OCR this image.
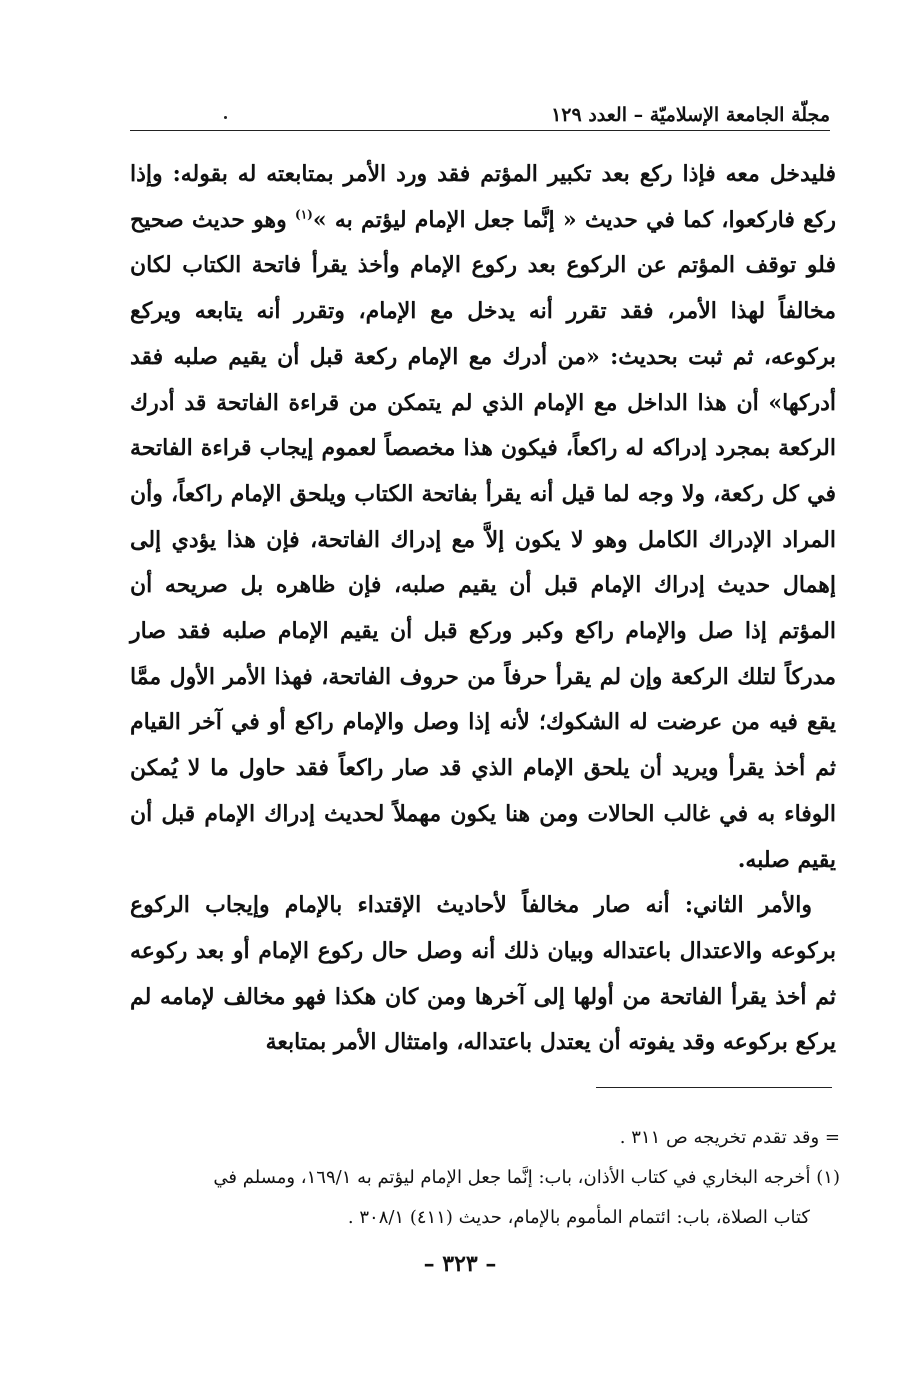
مجلّة الجامعة الإسلاميّة – العدد ١٢٩

فليدخل معه فإذا ركع بعد تكبير المؤتم فقد ورد الأمر بمتابعته له بقوله: وإذا ركع فاركعوا، كما في حديث « إنَّما جعل الإمام ليؤتم به »$^{(١)}$ وهو حديث صحيح فلو توقف المؤتم عن الركوع بعد ركوع الإمام وأخذ يقرأ فاتحة الكتاب لكان مخالفاً لهذا الأمر، فقد تقرر أنه يدخل مع الإمام، وتقرر أنه يتابعه ويركع بركوعه، ثم ثبت بحديث: «من أدرك مع الإمام ركعة قبل أن يقيم صلبه فقد أدركها» أن هذا الداخل مع الإمام الذي لم يتمكن من قراءة الفاتحة قد أدرك الركعة بمجرد إدراكه له راكعاً، فيكون هذا مخصصاً لعموم إيجاب قراءة الفاتحة في كل ركعة، ولا وجه لما قيل أنه يقرأ بفاتحة الكتاب ويلحق الإمام راكعاً، وأن المراد الإدراك الكامل وهو لا يكون إلاَّ مع إدراك الفاتحة، فإن هذا يؤدي إلى إهمال حديث إدراك الإمام قبل أن يقيم صلبه، فإن ظاهره بل صريحه أن المؤتم إذا صل والإمام راكع وكبر وركع قبل أن يقيم الإمام صلبه فقد صار مدركاً لتلك الركعة وإن لم يقرأ حرفاً من حروف الفاتحة، فهذا الأمر الأول ممَّا يقع فيه من عرضت له الشكوك؛ لأنه إذا وصل والإمام راكع أو في آخر القيام ثم أخذ يقرأ ويريد أن يلحق الإمام الذي قد صار راكعاً فقد حاول ما لا يُمكن الوفاء به في غالب الحالات ومن هنا يكون مهملاً لحديث إدراك الإمام قبل أن يقيم صلبه.

والأمر الثاني: أنه صار مخالفاً لأحاديث الإقتداء بالإمام وإيجاب الركوع بركوعه والاعتدال باعتداله وبيان ذلك أنه وصل حال ركوع الإمام أو بعد ركوعه ثم أخذ يقرأ الفاتحة من أولها إلى آخرها ومن كان هكذا فهو مخالف لإمامه لم يركع بركوعه وقد يفوته أن يعتدل باعتداله، وامتثال الأمر بمتابعة

= وقد تقدم تخريجه ص ٣١١ .

(١) أخرجه البخاري في كتاب الأذان، باب: إنَّما جعل الإمام ليؤتم به ١٦٩/١، ومسلم في

كتاب الصلاة، باب: ائتمام المأموم بالإمام، حديث (٤١١) ٣٠٨/١ .

– ٣٢٣ –
